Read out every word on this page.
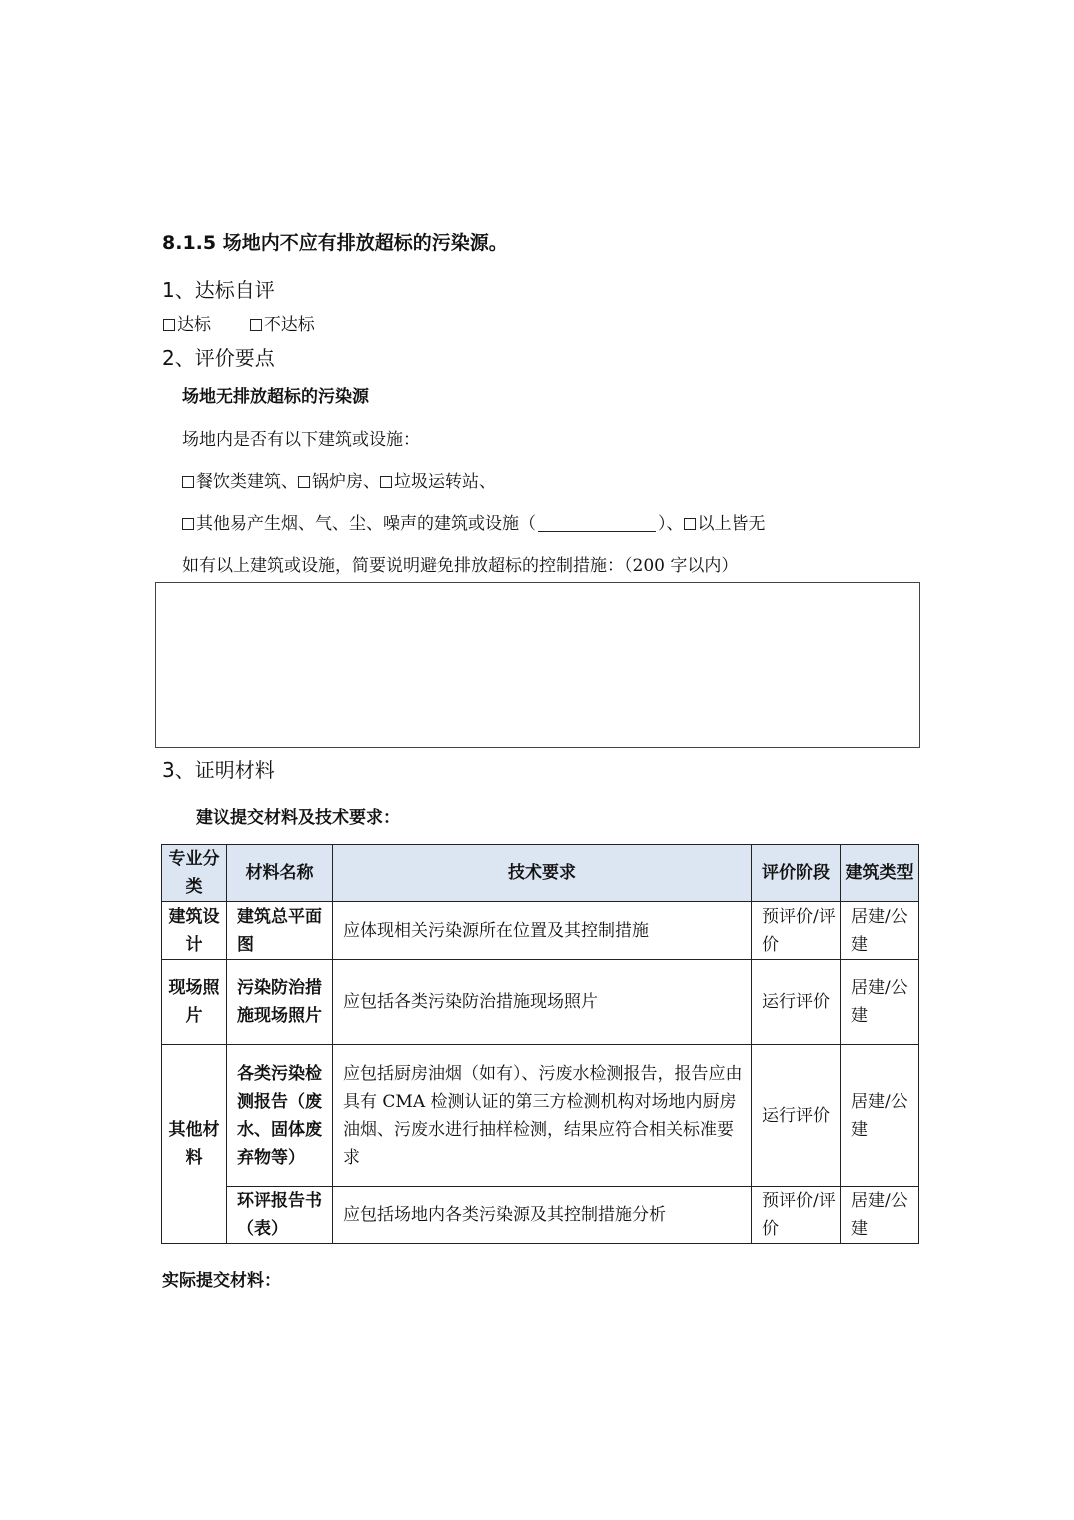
8.1.5 场地内不应有排放超标的污染源。
1、达标自评
达标	不达标
2、评价要点
场地无排放超标的污染源
场地内是否有以下建筑或设施：
餐饮类建筑、 锅炉房、 垃圾运转站、
其他易产生烟、气、尘、噪声的建筑或设施（	）、 以上皆无
如有以上建筑或设施，简要说明避免排放超标的控制措施：（200 字以内）
3、证明材料
建议提交材料及技术要求：
专业分类	材料名称	技术要求	评价阶段	建筑类型
建筑设计	建筑总平面图	应体现相关污染源所在位置及其控制措施	预评价/评价	居建/公建
现场照片	污染防治措施现场照片	应包括各类污染防治措施现场照片	运行评价	居建/公建
其他材料	各类污染检测报告（废水、固体废弃物等）	应包括厨房油烟（如有）、污废水检测报告，报告应由具有 CMA 检测认证的第三方检测机构对场地内厨房油烟、污废水进行抽样检测，结果应符合相关标准要求	运行评价	居建/公建
	环评报告书（表）	应包括场地内各类污染源及其控制措施分析	预评价/评价	居建/公建
实际提交材料：
